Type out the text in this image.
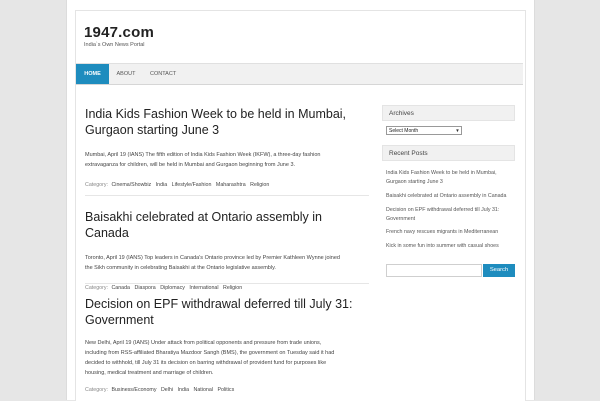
1947.com
India`s Own News Portal
HOME	ABOUT	CONTACT
India Kids Fashion Week to be held in Mumbai,
Gurgaon starting June 3

Mumbai, April 19 (IANS) The fifth edition of India Kids Fashion Week (IKFW), a three-day fashion
extravaganza for children, will be held in Mumbai and Gurgaon beginning from June 3.

Category: Cinema/Showbiz India Lifestyle/Fashion Maharashtra Religion
Baisakhi celebrated at Ontario assembly in Canada

Toronto, April 19 (IANS) Top leaders in Canada's Ontario province led by Premier Kathleen Wynne joined
the Sikh community in celebrating Baisakhi at the Ontario legislative assembly.

Category: Canada Diaspora Diplomacy International Religion
Decision on EPF withdrawal deferred till July 31:
Government

New Delhi, April 19 (IANS) Under attack from political opponents and pressure from trade unions,
including from RSS-affiliated Bharatiya Mazdoor Sangh (BMS), the government on Tuesday said it had
decided to withhold, till July 31 its decision on barring withdrawal of provident fund for purposes like
housing, medical treatment and marriage of children.

Category: Business/Economy Delhi India National Politics
Archives
Select Month	▼
Recent Posts
India Kids Fashion Week to be held in Mumbai,
Gurgaon starting June 3
Baisakhi celebrated at Ontario assembly in Canada
Decision on EPF withdrawal deferred till July 31:
Government
French navy rescues migrants in Mediterranean
Kick in some fun into summer with casual shoes
Search
